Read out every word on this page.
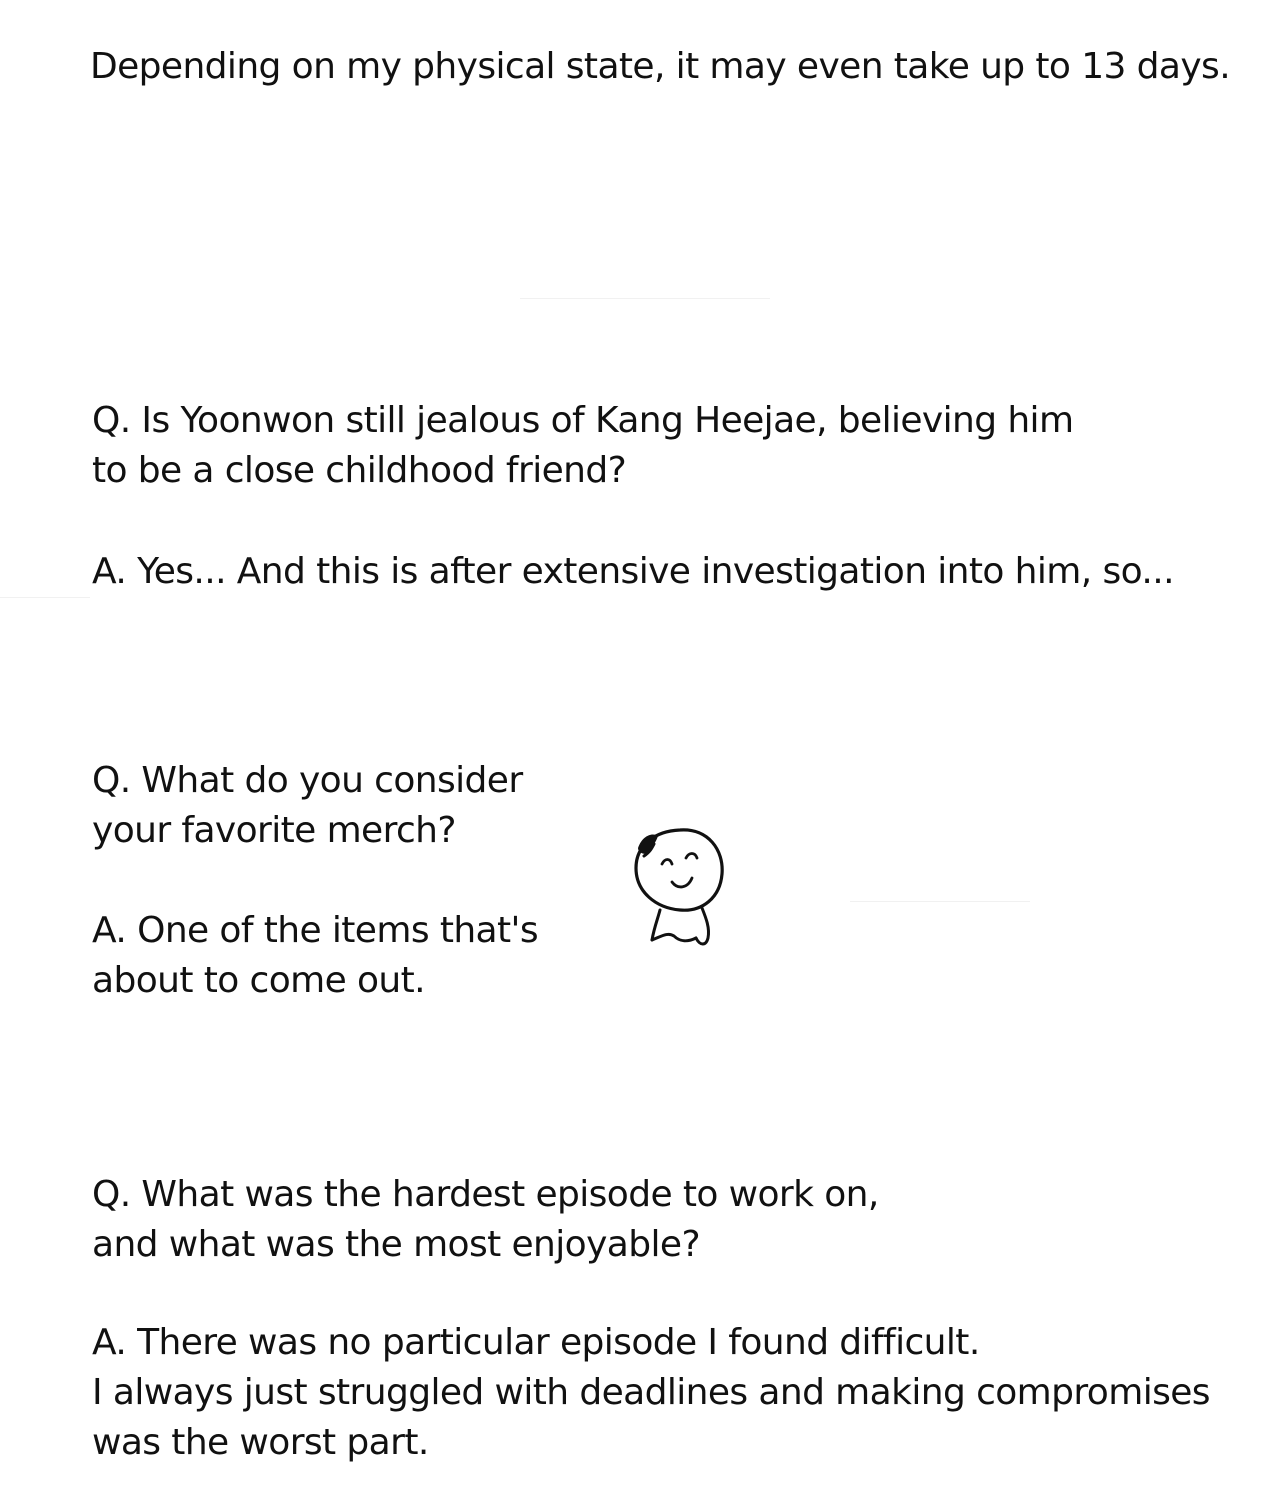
Depending on my physical state, it may even take up to 13 days.

Q. Is Yoonwon still jealous of Kang Heejae, believing him

to be a close childhood friend?

A. Yes... And this is after extensive investigation into him, so...

Q. What do you consider

your favorite merch?

A. One of the items that's

about to come out.

Q. What was the hardest episode to work on,

and what was the most enjoyable?

A. There was no particular episode I found difficult.

I always just struggled with deadlines and making compromises

was the worst part.
